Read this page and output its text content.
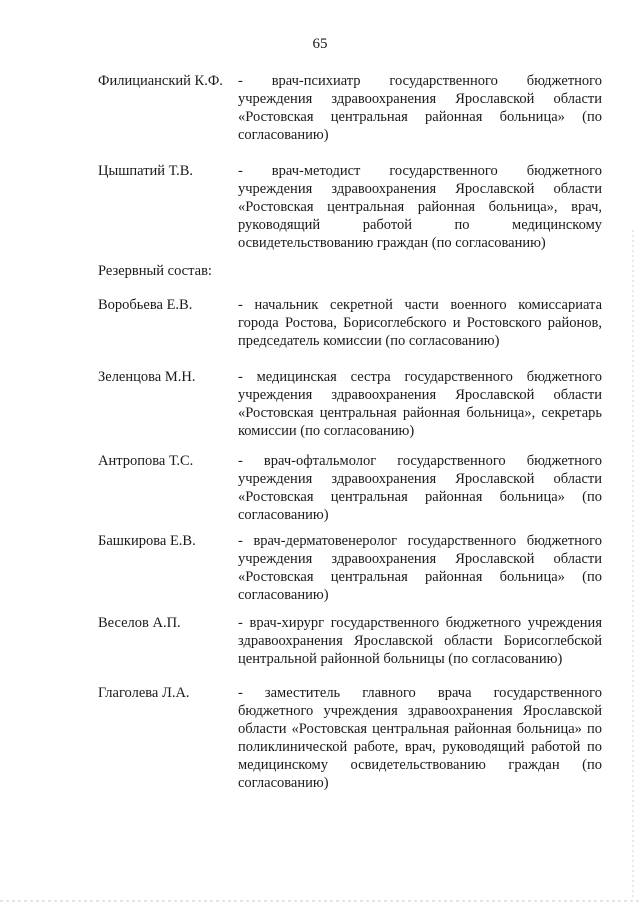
65
Филицианский К.Ф. - врач-психиатр государственного бюджетного учреждения здравоохранения Ярославской области «Ростовская центральная районная больница» (по согласованию)
Цышпатий Т.В.	- врач-методист государственного бюджетного учреждения здравоохранения Ярославской области «Ростовская центральная районная больница», врач, руководящий работой по медицинскому освидетельствованию граждан (по согласованию)
Резервный состав:
Воробьева Е.В.	- начальник секретной части военного комиссариата города Ростова, Борисоглебского и Ростовского районов, председатель комиссии (по согласованию)
Зеленцова М.Н.	- медицинская сестра государственного бюджетного учреждения здравоохранения Ярославской области «Ростовская центральная районная больница», секретарь комиссии (по согласованию)
Антропова Т.С.	- врач-офтальмолог государственного бюджетного учреждения здравоохранения Ярославской области «Ростовская центральная районная больница» (по согласованию)
Башкирова Е.В.	- врач-дерматовенеролог государственного бюджетного учреждения здравоохранения Ярославской области «Ростовская центральная районная больница» (по согласованию)
Веселов А.П.	- врач-хирург государственного бюджетного учреждения здравоохранения Ярославской области Борисоглебской центральной районной больницы (по согласованию)
Глаголева Л.А.	- заместитель главного врача государственного бюджетного учреждения здравоохранения Ярославской области «Ростовская центральная районная больница» по поликлинической работе, врач, руководящий работой по медицинскому освидетельствованию граждан (по согласованию)
